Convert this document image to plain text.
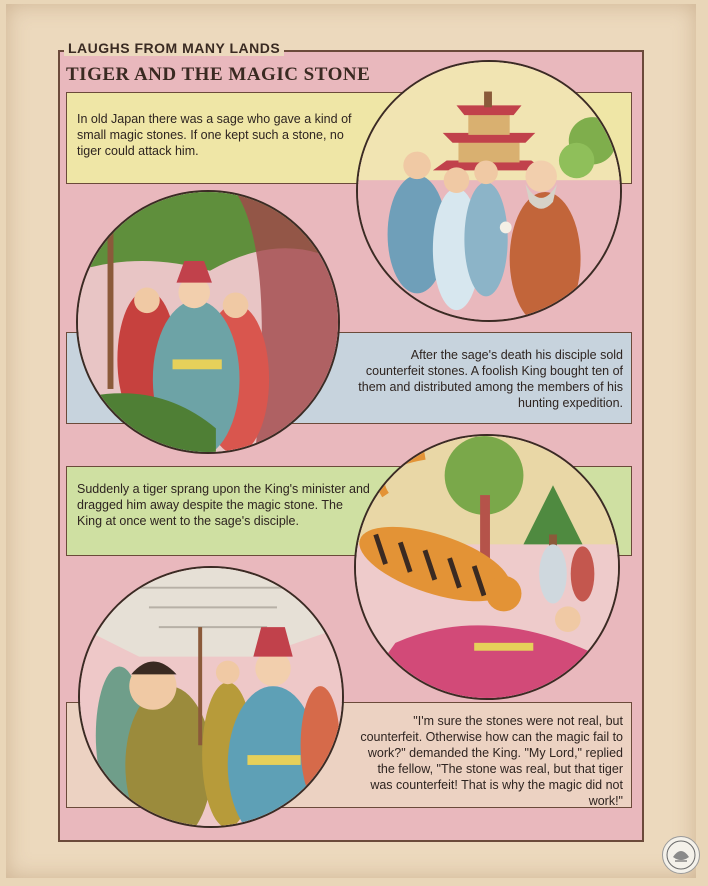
LAUGHS FROM MANY LANDS
TIGER AND THE MAGIC STONE
In old Japan there was a sage who gave a kind of small magic stones. If one kept such a stone, no tiger could attack him.
After the sage's death his disciple sold counterfeit stones. A foolish King bought ten of them and distributed among the members of his hunting expedition.
Suddenly a tiger sprang upon the King's minister and dragged him away despite the magic stone. The King at once went to the sage's disciple.
"I'm sure the stones were not real, but counterfeit. Otherwise how can the magic fail to work?" demanded the King. "My Lord," replied the fellow, "The stone was real, but that tiger was counterfeit! That is why the magic did not work!"
